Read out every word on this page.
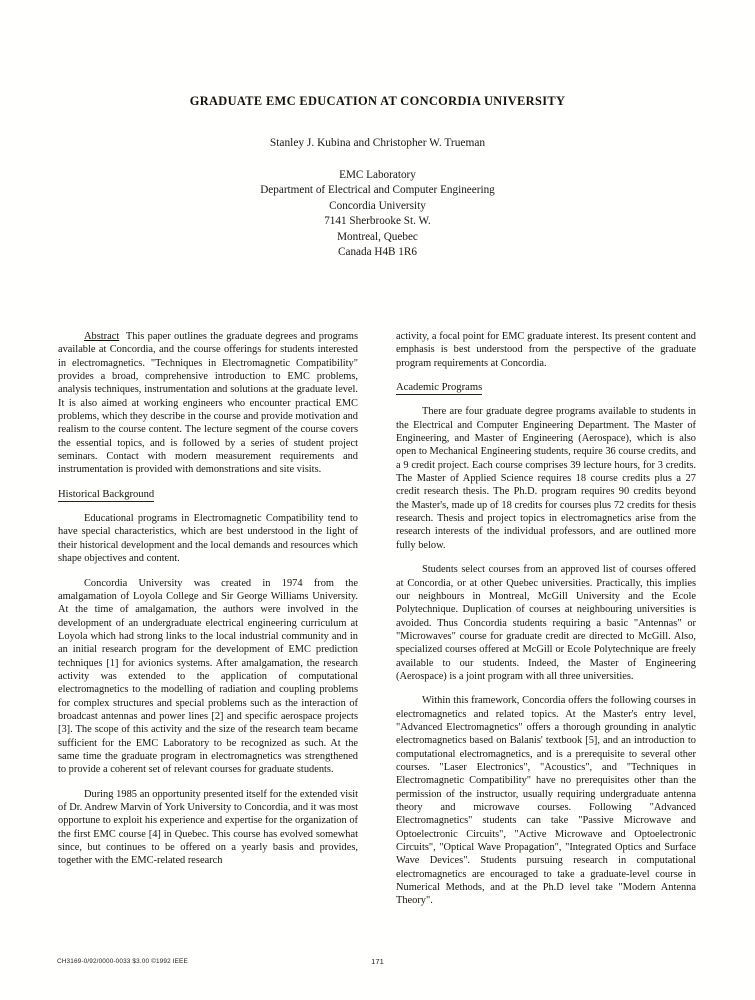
GRADUATE EMC EDUCATION AT CONCORDIA UNIVERSITY
Stanley J. Kubina and Christopher W. Trueman
EMC Laboratory
Department of Electrical and Computer Engineering
Concordia University
7141 Sherbrooke St. W.
Montreal, Quebec
Canada H4B 1R6

Abstract This paper outlines the graduate degrees and programs available at Concordia, and the course offerings for students interested in electromagnetics. "Techniques in Electromagnetic Compatibility" provides a broad, comprehensive introduction to EMC problems, analysis techniques, instrumentation and solutions at the graduate level. It is also aimed at working engineers who encounter practical EMC problems, which they describe in the course and provide motivation and realism to the course content. The lecture segment of the course covers the essential topics, and is followed by a series of student project seminars. Contact with modern measurement requirements and instrumentation is provided with demonstrations and site visits.

Historical Background

Educational programs in Electromagnetic Compatibility tend to have special characteristics, which are best understood in the light of their historical development and the local demands and resources which shape objectives and content.

Concordia University was created in 1974 from the amalgamation of Loyola College and Sir George Williams University. At the time of amalgamation, the authors were involved in the development of an undergraduate electrical engineering curriculum at Loyola which had strong links to the local industrial community and in an initial research program for the development of EMC prediction techniques [1] for avionics systems. After amalgamation, the research activity was extended to the application of computational electromagnetics to the modelling of radiation and coupling problems for complex structures and special problems such as the interaction of broadcast antennas and power lines [2] and specific aerospace projects [3]. The scope of this activity and the size of the research team became sufficient for the EMC Laboratory to be recognized as such. At the same time the graduate program in electromagnetics was strengthened to provide a coherent set of relevant courses for graduate students.

During 1985 an opportunity presented itself for the extended visit of Dr. Andrew Marvin of York University to Concordia, and it was most opportune to exploit his experience and expertise for the organization of the first EMC course [4] in Quebec. This course has evolved somewhat since, but continues to be offered on a yearly basis and provides, together with the EMC-related research

activity, a focal point for EMC graduate interest. Its present content and emphasis is best understood from the perspective of the graduate program requirements at Concordia.

Academic Programs

There are four graduate degree programs available to students in the Electrical and Computer Engineering Department. The Master of Engineering, and Master of Engineering (Aerospace), which is also open to Mechanical Engineering students, require 36 course credits, and a 9 credit project. Each course comprises 39 lecture hours, for 3 credits. The Master of Applied Science requires 18 course credits plus a 27 credit research thesis. The Ph.D. program requires 90 credits beyond the Master's, made up of 18 credits for courses plus 72 credits for thesis research. Thesis and project topics in electromagnetics arise from the research interests of the individual professors, and are outlined more fully below.

Students select courses from an approved list of courses offered at Concordia, or at other Quebec universities. Practically, this implies our neighbours in Montreal, McGill University and the Ecole Polytechnique. Duplication of courses at neighbouring universities is avoided. Thus Concordia students requiring a basic "Antennas" or "Microwaves" course for graduate credit are directed to McGill. Also, specialized courses offered at McGill or Ecole Polytechnique are freely available to our students. Indeed, the Master of Engineering (Aerospace) is a joint program with all three universities.

Within this framework, Concordia offers the following courses in electromagnetics and related topics. At the Master's entry level, "Advanced Electromagnetics" offers a thorough grounding in analytic electromagnetics based on Balanis' textbook [5], and an introduction to computational electromagnetics, and is a prerequisite to several other courses. "Laser Electronics", "Acoustics", and "Techniques in Electromagnetic Compatibility" have no prerequisites other than the permission of the instructor, usually requiring undergraduate antenna theory and microwave courses. Following "Advanced Electromagnetics" students can take "Passive Microwave and Optoelectronic Circuits", "Active Microwave and Optoelectronic Circuits", "Optical Wave Propagation", "Integrated Optics and Surface Wave Devices". Students pursuing research in computational electromagnetics are encouraged to take a graduate-level course in Numerical Methods, and at the Ph.D level take "Modern Antenna Theory".

CH3169-0/92/0000-0033 $3.00 ©1992 IEEE	171
